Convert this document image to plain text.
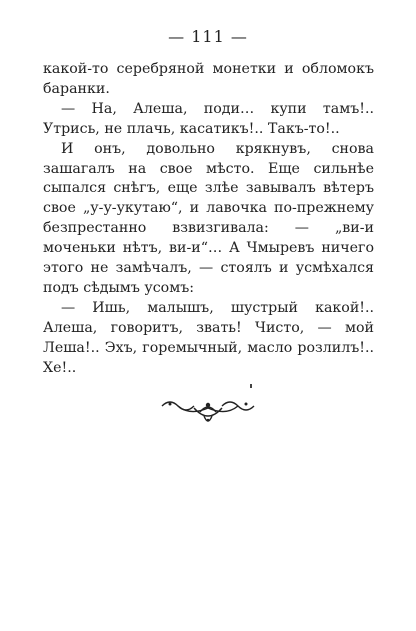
— 111 —

какой-то серебряной монетки и обломокъ баранки.

— На, Алеша, поди… купи тамъ!.. Утрись, не плачь, касатикъ!.. Такъ-то!..

И онъ, довольно крякнувъ, снова зашагалъ на свое мѣсто. Еще сильнѣе сыпался снѣгъ, еще злѣе завывалъ вѣтеръ свое „у-у-укутаю“, и лавочка по-прежнему безпрестанно взвизгивала: — „ви-и моченьки нѣтъ, ви-и“… А Чмыревъ ничего этого не замѣчалъ, — стоялъ и усмѣхался подъ сѣдымъ усомъ:

— Ишь, малышъ, шустрый какой!.. Алеша, говоритъ, звать! Чисто, — мой Леша!.. Эхъ, горемычный, масло розлилъ!.. Хе!..
